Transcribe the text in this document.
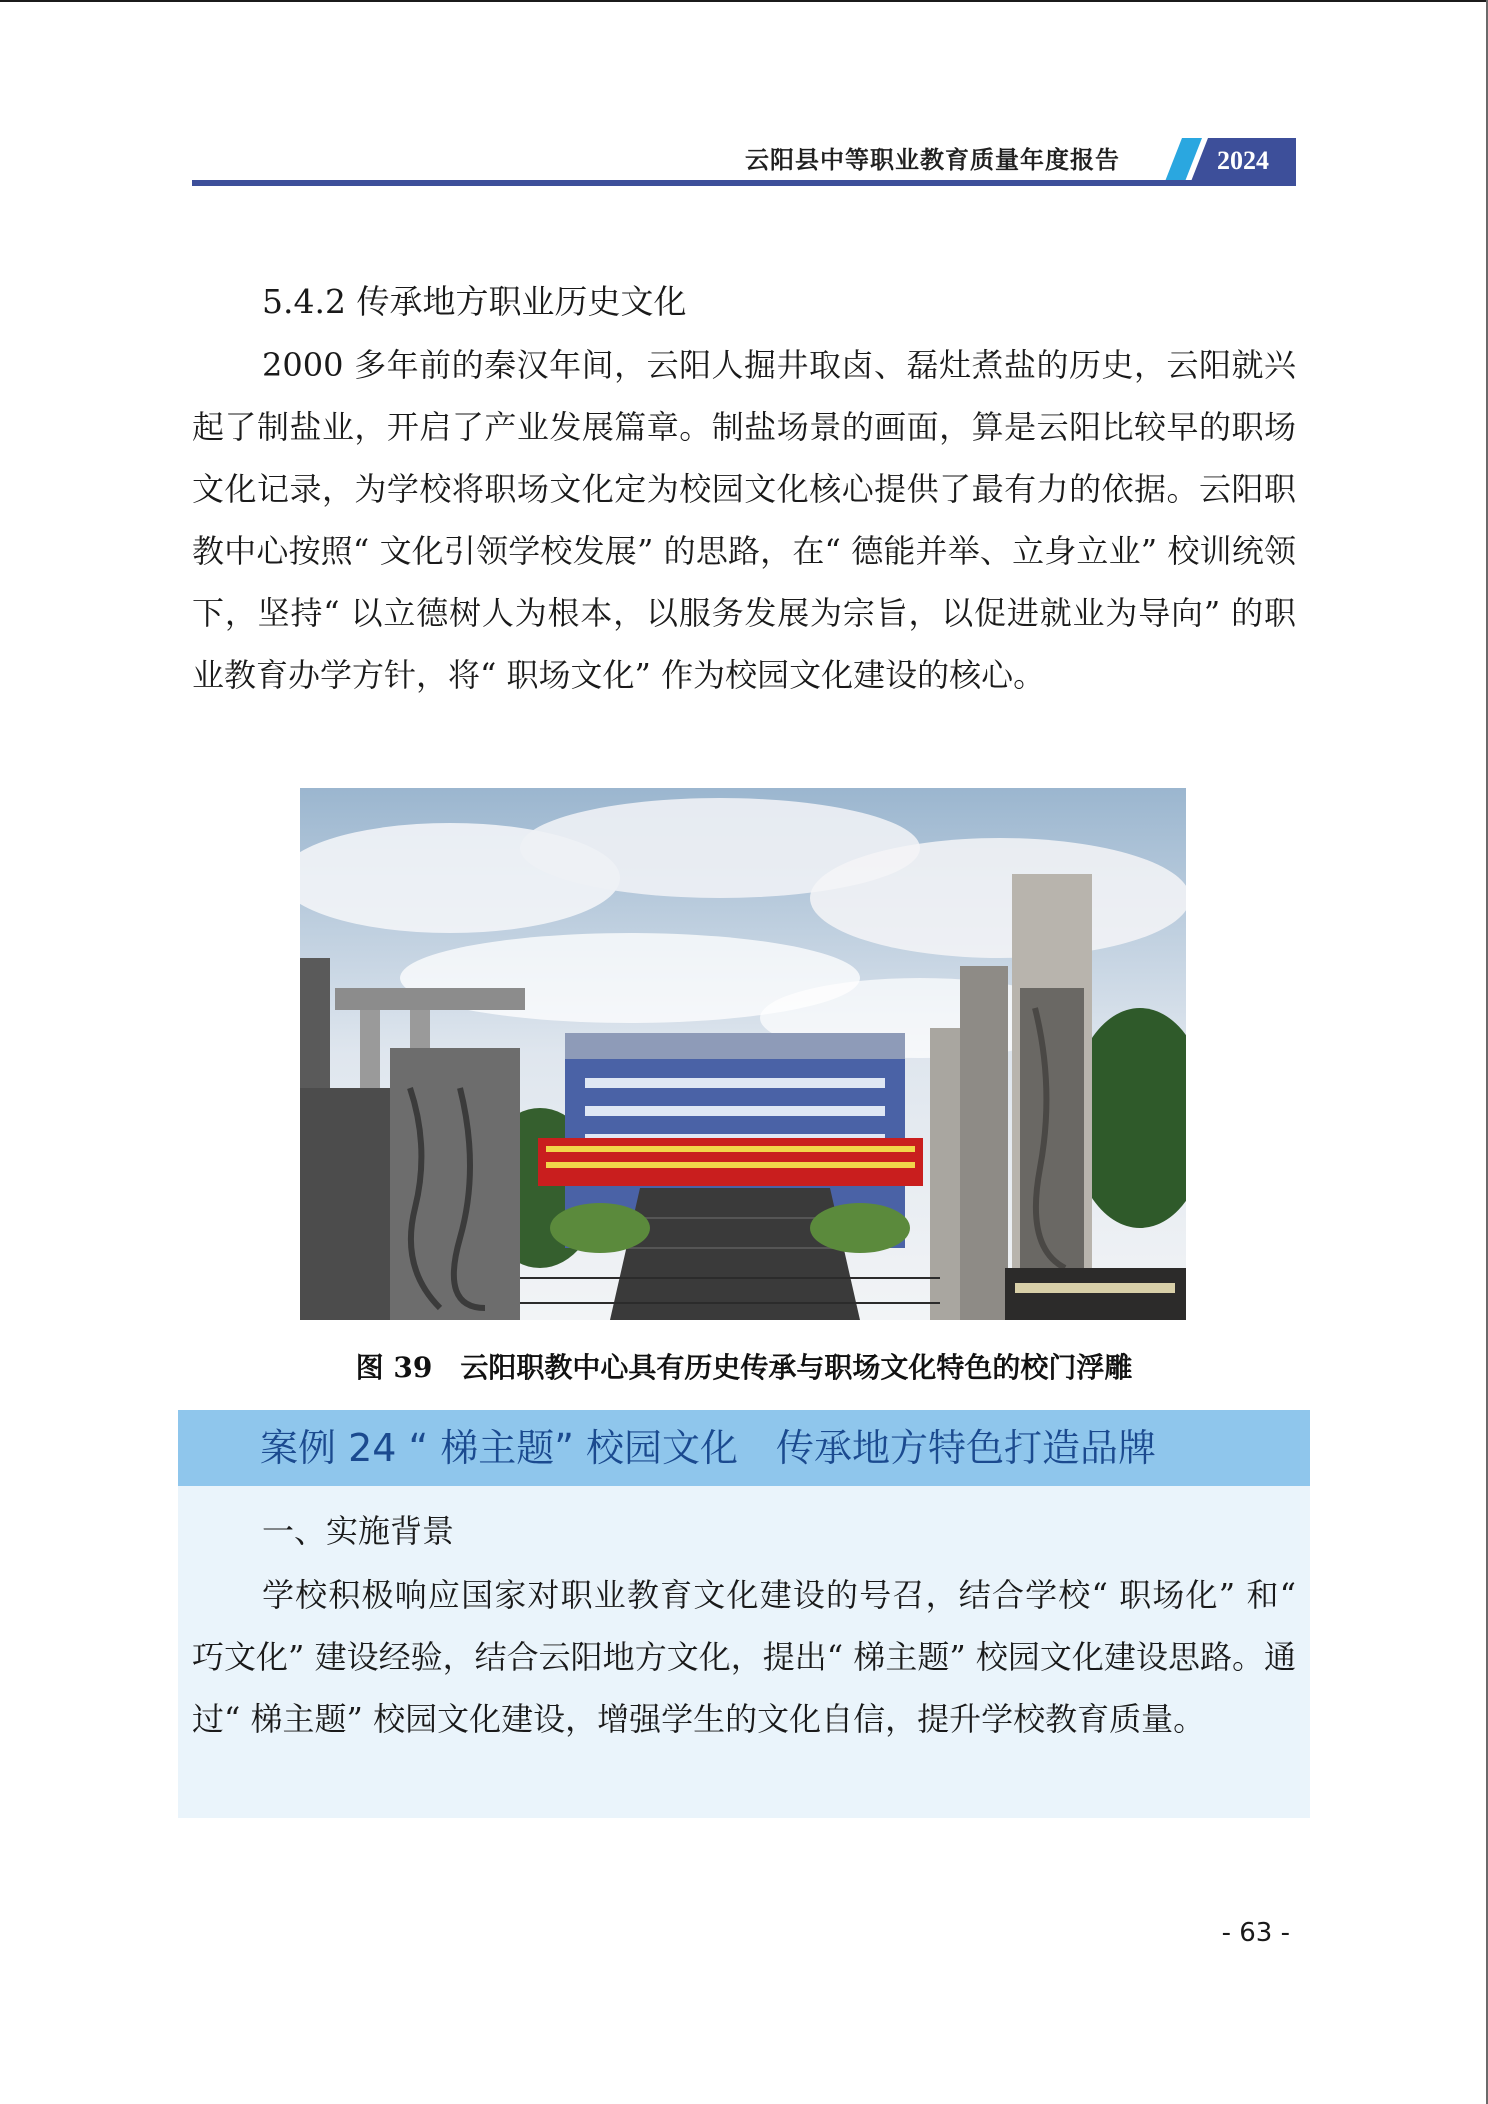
云阳县中等职业教育质量年度报告	2024
5.4.2 传承地方职业历史文化

2000 多年前的秦汉年间，云阳人掘井取卤、磊灶煮盐的历史，云阳就兴起了制盐业，开启了产业发展篇章。制盐场景的画面，算是云阳比较早的职场文化记录，为学校将职场文化定为校园文化核心提供了最有力的依据。云阳职教中心按照“ 文化引领学校发展” 的思路，在“ 德能并举、立身立业” 校训统领下，坚持“ 以立德树人为根本，以服务发展为宗旨，以促进就业为导向” 的职业教育办学方针，将“ 职场文化” 作为校园文化建设的核心。

图 39　云阳职教中心具有历史传承与职场文化特色的校门浮雕
案例 24 “ 梯主题” 校园文化　传承地方特色打造品牌
一、实施背景

学校积极响应国家对职业教育文化建设的号召，结合学校“ 职场化” 和“ 巧文化” 建设经验，结合云阳地方文化，提出“ 梯主题” 校园文化建设思路。通过“ 梯主题” 校园文化建设，增强学生的文化自信，提升学校教育质量。

- 63 -
